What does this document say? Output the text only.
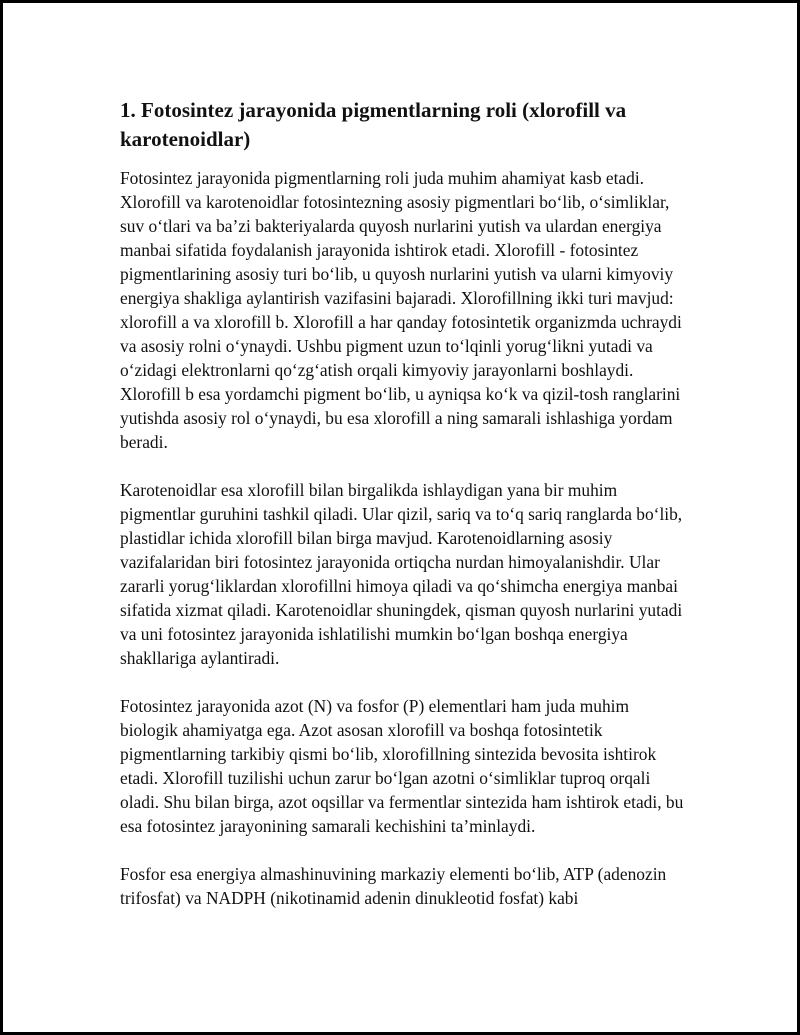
1. Fotosintez jarayonida pigmentlarning roli (xlorofill va karotenoidlar)

Fotosintez jarayonida pigmentlarning roli juda muhim ahamiyat kasb etadi. Xlorofill va karotenoidlar fotosintezning asosiy pigmentlari bo‘lib, o‘simliklar, suv o‘tlari va ba’zi bakteriyalarda quyosh nurlarini yutish va ulardan energiya manbai sifatida foydalanish jarayonida ishtirok etadi. Xlorofill - fotosintez pigmentlarining asosiy turi bo‘lib, u quyosh nurlarini yutish va ularni kimyoviy energiya shakliga aylantirish vazifasini bajaradi. Xlorofillning ikki turi mavjud: xlorofill a va xlorofill b. Xlorofill a har qanday fotosintetik organizmda uchraydi va asosiy rolni o‘ynaydi. Ushbu pigment uzun to‘lqinli yorug‘likni yutadi va o‘zidagi elektronlarni qo‘zg‘atish orqali kimyoviy jarayonlarni boshlaydi. Xlorofill b esa yordamchi pigment bo‘lib, u ayniqsa ko‘k va qizil-tosh ranglarini yutishda asosiy rol o‘ynaydi, bu esa xlorofill a ning samarali ishlashiga yordam beradi.

Karotenoidlar esa xlorofill bilan birgalikda ishlaydigan yana bir muhim pigmentlar guruhini tashkil qiladi. Ular qizil, sariq va to‘q sariq ranglarda bo‘lib, plastidlar ichida xlorofill bilan birga mavjud. Karotenoidlarning asosiy vazifalaridan biri fotosintez jarayonida ortiqcha nurdan himoyalanishdir. Ular zararli yorug‘liklardan xlorofillni himoya qiladi va qo‘shimcha energiya manbai sifatida xizmat qiladi. Karotenoidlar shuningdek, qisman quyosh nurlarini yutadi va uni fotosintez jarayonida ishlatilishi mumkin bo‘lgan boshqa energiya shakllariga aylantiradi.

Fotosintez jarayonida azot (N) va fosfor (P) elementlari ham juda muhim biologik ahamiyatga ega. Azot asosan xlorofill va boshqa fotosintetik pigmentlarning tarkibiy qismi bo‘lib, xlorofillning sintezida bevosita ishtirok etadi. Xlorofill tuzilishi uchun zarur bo‘lgan azotni o‘simliklar tuproq orqali oladi. Shu bilan birga, azot oqsillar va fermentlar sintezida ham ishtirok etadi, bu esa fotosintez jarayonining samarali kechishini ta’minlaydi.

Fosfor esa energiya almashinuvining markaziy elementi bo‘lib, ATP (adenozin trifosfat) va NADPH (nikotinamid adenin dinukleotid fosfat) kabi
